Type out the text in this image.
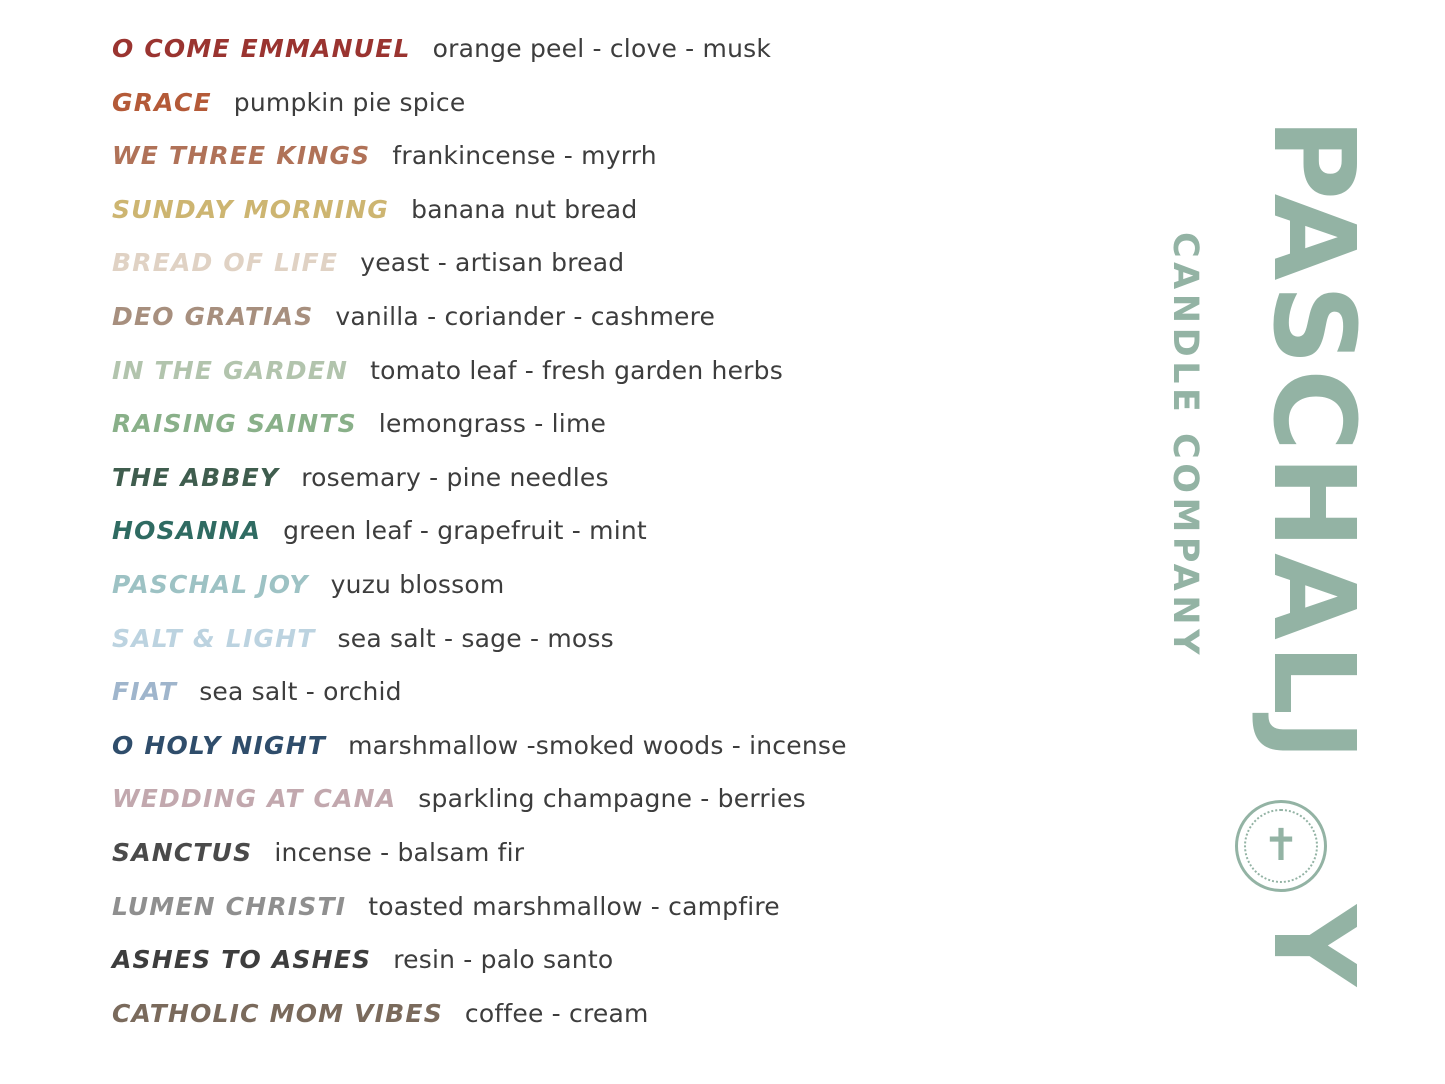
O COME EMMANUEL orange peel - clove - musk
GRACE pumpkin pie spice
WE THREE KINGS frankincense - myrrh
SUNDAY MORNING banana nut bread
BREAD OF LIFE yeast - artisan bread
DEO GRATIAS vanilla - coriander - cashmere
IN THE GARDEN tomato leaf - fresh garden herbs
RAISING SAINTS lemongrass - lime
THE ABBEY rosemary - pine needles
HOSANNA green leaf - grapefruit - mint
PASCHAL JOY yuzu blossom
SALT & LIGHT sea salt - sage - moss
FIAT sea salt - orchid
O HOLY NIGHT marshmallow -smoked woods - incense
WEDDING AT CANA sparkling champagne - berries
SANCTUS incense - balsam fir
LUMEN CHRISTI toasted marshmallow - campfire
ASHES TO ASHES resin - palo santo
CATHOLIC MOM VIBES coffee - cream
PASCHALJ
CANDLE COMPANY
✝
Y
